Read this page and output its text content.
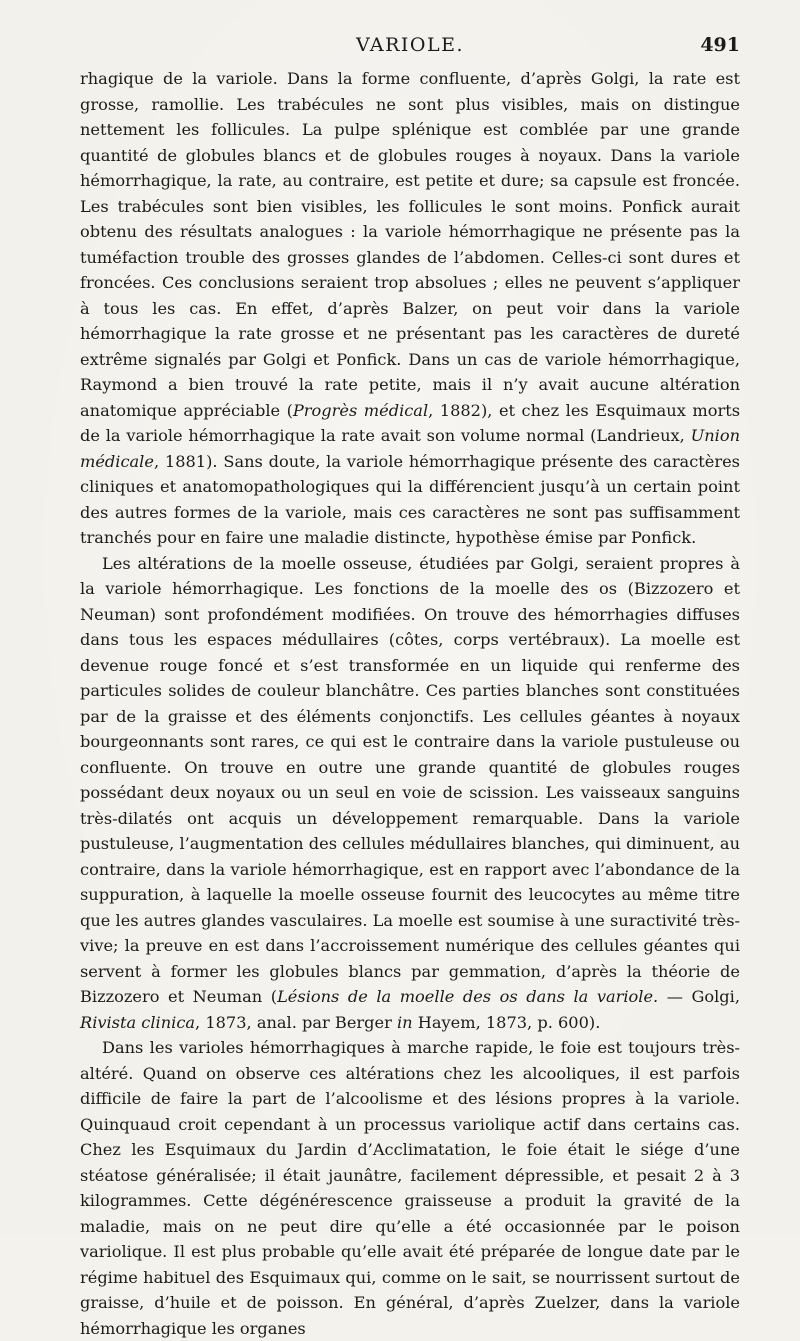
VARIOLE.	491

rhagique de la variole. Dans la forme confluente, d’après Golgi, la rate est grosse, ramollie. Les trabécules ne sont plus visibles, mais on distingue nettement les follicules. La pulpe splénique est comblée par une grande quantité de globules blancs et de globules rouges à noyaux. Dans la variole hémorrhagique, la rate, au contraire, est petite et dure; sa capsule est froncée. Les trabécules sont bien visibles, les follicules le sont moins. Ponfick aurait obtenu des résultats analogues : la variole hémorrhagique ne présente pas la tuméfaction trouble des grosses glandes de l’abdomen. Celles-ci sont dures et froncées. Ces conclusions seraient trop absolues ; elles ne peuvent s’appliquer à tous les cas. En effet, d’après Balzer, on peut voir dans la variole hémorrhagique la rate grosse et ne présentant pas les caractères de dureté extrême signalés par Golgi et Ponfick. Dans un cas de variole hémorrhagique, Raymond a bien trouvé la rate petite, mais il n’y avait aucune altération anatomique appréciable (Progrès médical, 1882), et chez les Esquimaux morts de la variole hémorrhagique la rate avait son volume normal (Landrieux, Union médicale, 1881). Sans doute, la variole hémorrhagique présente des caractères cliniques et anatomopathologiques qui la différencient jusqu’à un certain point des autres formes de la variole, mais ces caractères ne sont pas suffisamment tranchés pour en faire une maladie distincte, hypothèse émise par Ponfick.

Les altérations de la moelle osseuse, étudiées par Golgi, seraient propres à la variole hémorrhagique. Les fonctions de la moelle des os (Bizzozero et Neuman) sont profondément modifiées. On trouve des hémorrhagies diffuses dans tous les espaces médullaires (côtes, corps vertébraux). La moelle est devenue rouge foncé et s’est transformée en un liquide qui renferme des particules solides de couleur blanchâtre. Ces parties blanches sont constituées par de la graisse et des éléments conjonctifs. Les cellules géantes à noyaux bourgeonnants sont rares, ce qui est le contraire dans la variole pustuleuse ou confluente. On trouve en outre une grande quantité de globules rouges possédant deux noyaux ou un seul en voie de scission. Les vaisseaux sanguins très-dilatés ont acquis un développement remarquable. Dans la variole pustuleuse, l’augmentation des cellules médullaires blanches, qui diminuent, au contraire, dans la variole hémorrhagique, est en rapport avec l’abondance de la suppuration, à laquelle la moelle osseuse fournit des leucocytes au même titre que les autres glandes vasculaires. La moelle est soumise à une suractivité très-vive; la preuve en est dans l’accroissement numérique des cellules géantes qui servent à former les globules blancs par gemmation, d’après la théorie de Bizzozero et Neuman (Lésions de la moelle des os dans la variole. — Golgi, Rivista clinica, 1873, anal. par Berger in Hayem, 1873, p. 600).

Dans les varioles hémorrhagiques à marche rapide, le foie est toujours très-altéré. Quand on observe ces altérations chez les alcooliques, il est parfois difficile de faire la part de l’alcoolisme et des lésions propres à la variole. Quinquaud croit cependant à un processus variolique actif dans certains cas. Chez les Esquimaux du Jardin d’Acclimatation, le foie était le siége d’une stéatose généralisée; il était jaunâtre, facilement dépressible, et pesait 2 à 3 kilogrammes. Cette dégénérescence graisseuse a produit la gravité de la maladie, mais on ne peut dire qu’elle a été occasionnée par le poison variolique. Il est plus probable qu’elle avait été préparée de longue date par le régime habituel des Esquimaux qui, comme on le sait, se nourrissent surtout de graisse, d’huile et de poisson. En général, d’après Zuelzer, dans la variole hémorrhagique les organes
